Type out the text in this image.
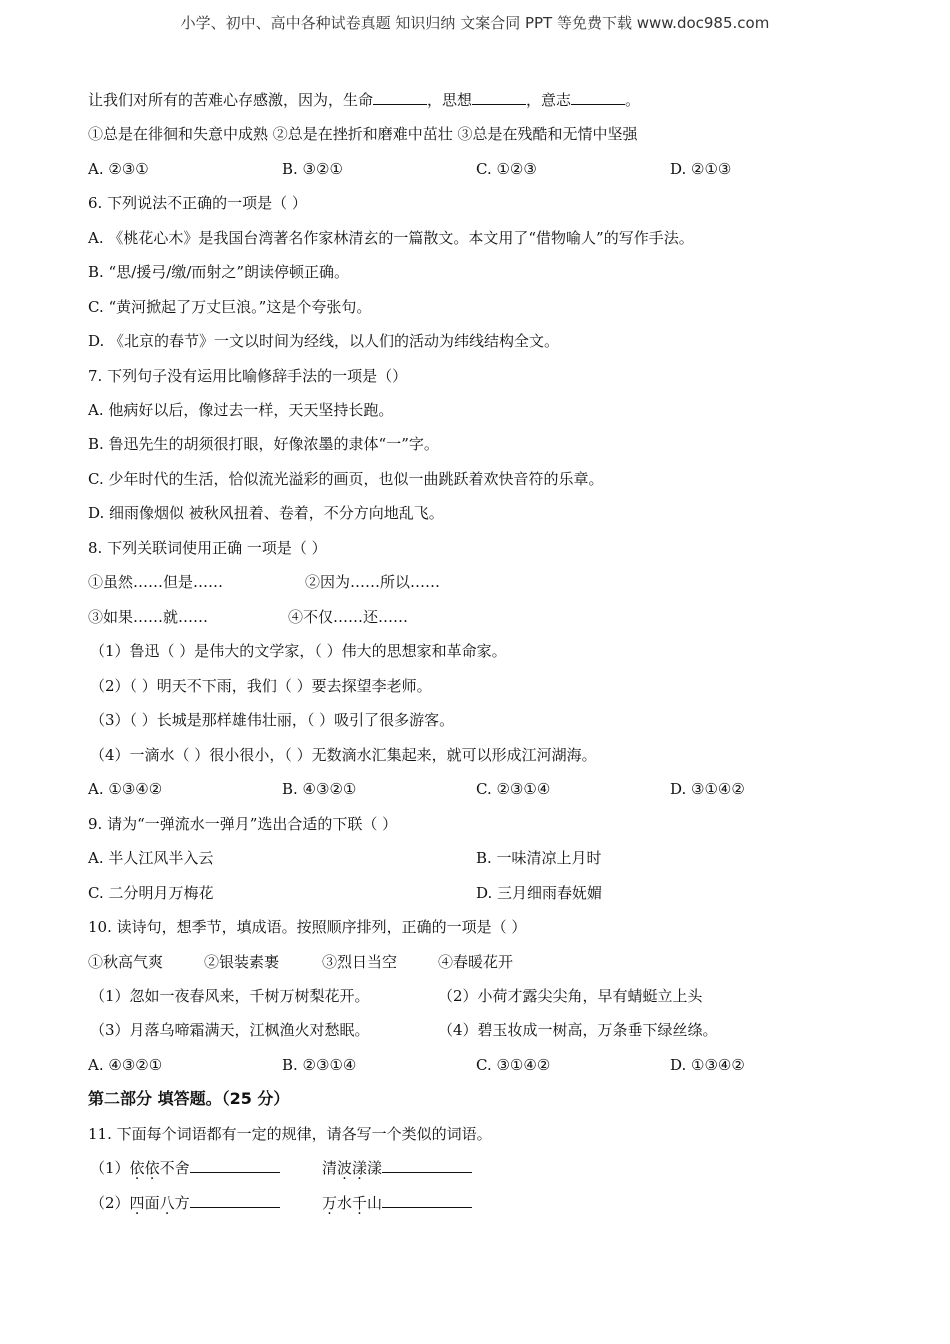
小学、初中、高中各种试卷真题 知识归纳 文案合同 PPT 等免费下载 www.doc985.com
让我们对所有的苦难心存感激，因为，生命	，思想	，意志	。
①总是在徘徊和失意中成熟 ②总是在挫折和磨难中茁壮 ③总是在残酷和无情中坚强
A. ②③①	B. ③②①	C. ①②③	D. ②①③
6. 下列说法不正确的一项是（ ）
A. 《桃花心木》是我国台湾著名作家林清玄的一篇散文。本文用了“借物喻人”的写作手法。
B. “思/援弓/缴/而射之”朗读停顿正确。
C. “黄河掀起了万丈巨浪。”这是个夸张句。
D. 《北京的春节》一文以时间为经线，以人们的活动为纬线结构全文。
7. 下列句子没有运用比喻修辞手法的一项是（）
A. 他病好以后，像过去一样，天天坚持长跑。
B. 鲁迅先生的胡须很打眼，好像浓墨的隶体“一”字。
C. 少年时代的生活，恰似流光溢彩的画页，也似一曲跳跃着欢快音符的乐章。
D. 细雨像烟似 被秋风扭着、卷着，不分方向地乱飞。
8. 下列关联词使用正确 一项是（ ）
①虽然……但是……	②因为……所以……
③如果……就……	④不仅……还……
（1）鲁迅（ ）是伟大的文学家，（ ）伟大的思想家和革命家。
（2）（ ）明天不下雨，我们（ ）要去探望李老师。
（3）（ ）长城是那样雄伟壮丽，（ ）吸引了很多游客。
（4）一滴水（ ）很小很小，（ ）无数滴水汇集起来，就可以形成江河湖海。
A. ①③④②	B. ④③②①	C. ②③①④	D. ③①④②
9. 请为“一弹流水一弹月”选出合适的下联（ ）
A. 半人江风半入云	B. 一味清凉上月时
C. 二分明月万梅花	D. 三月细雨春妩媚
10. 读诗句，想季节，填成语。按照顺序排列，正确的一项是（ ）
①秋高气爽	②银装素裹	③烈日当空	④春暖花开
（1）忽如一夜春风来，千树万树梨花开。	（2）小荷才露尖尖角，早有蜻蜓立上头
（3）月落乌啼霜满天，江枫渔火对愁眠。	（4）碧玉妆成一树高，万条垂下绿丝绦。
A. ④③②①	B. ②③①④	C. ③①④②	D. ①③④②
第二部分 填答题。（25 分）
11. 下面每个词语都有一定的规律，请各写一个类似的词语。
（1）依依不舍	清波漾漾
（2）四面八方	万水千山
